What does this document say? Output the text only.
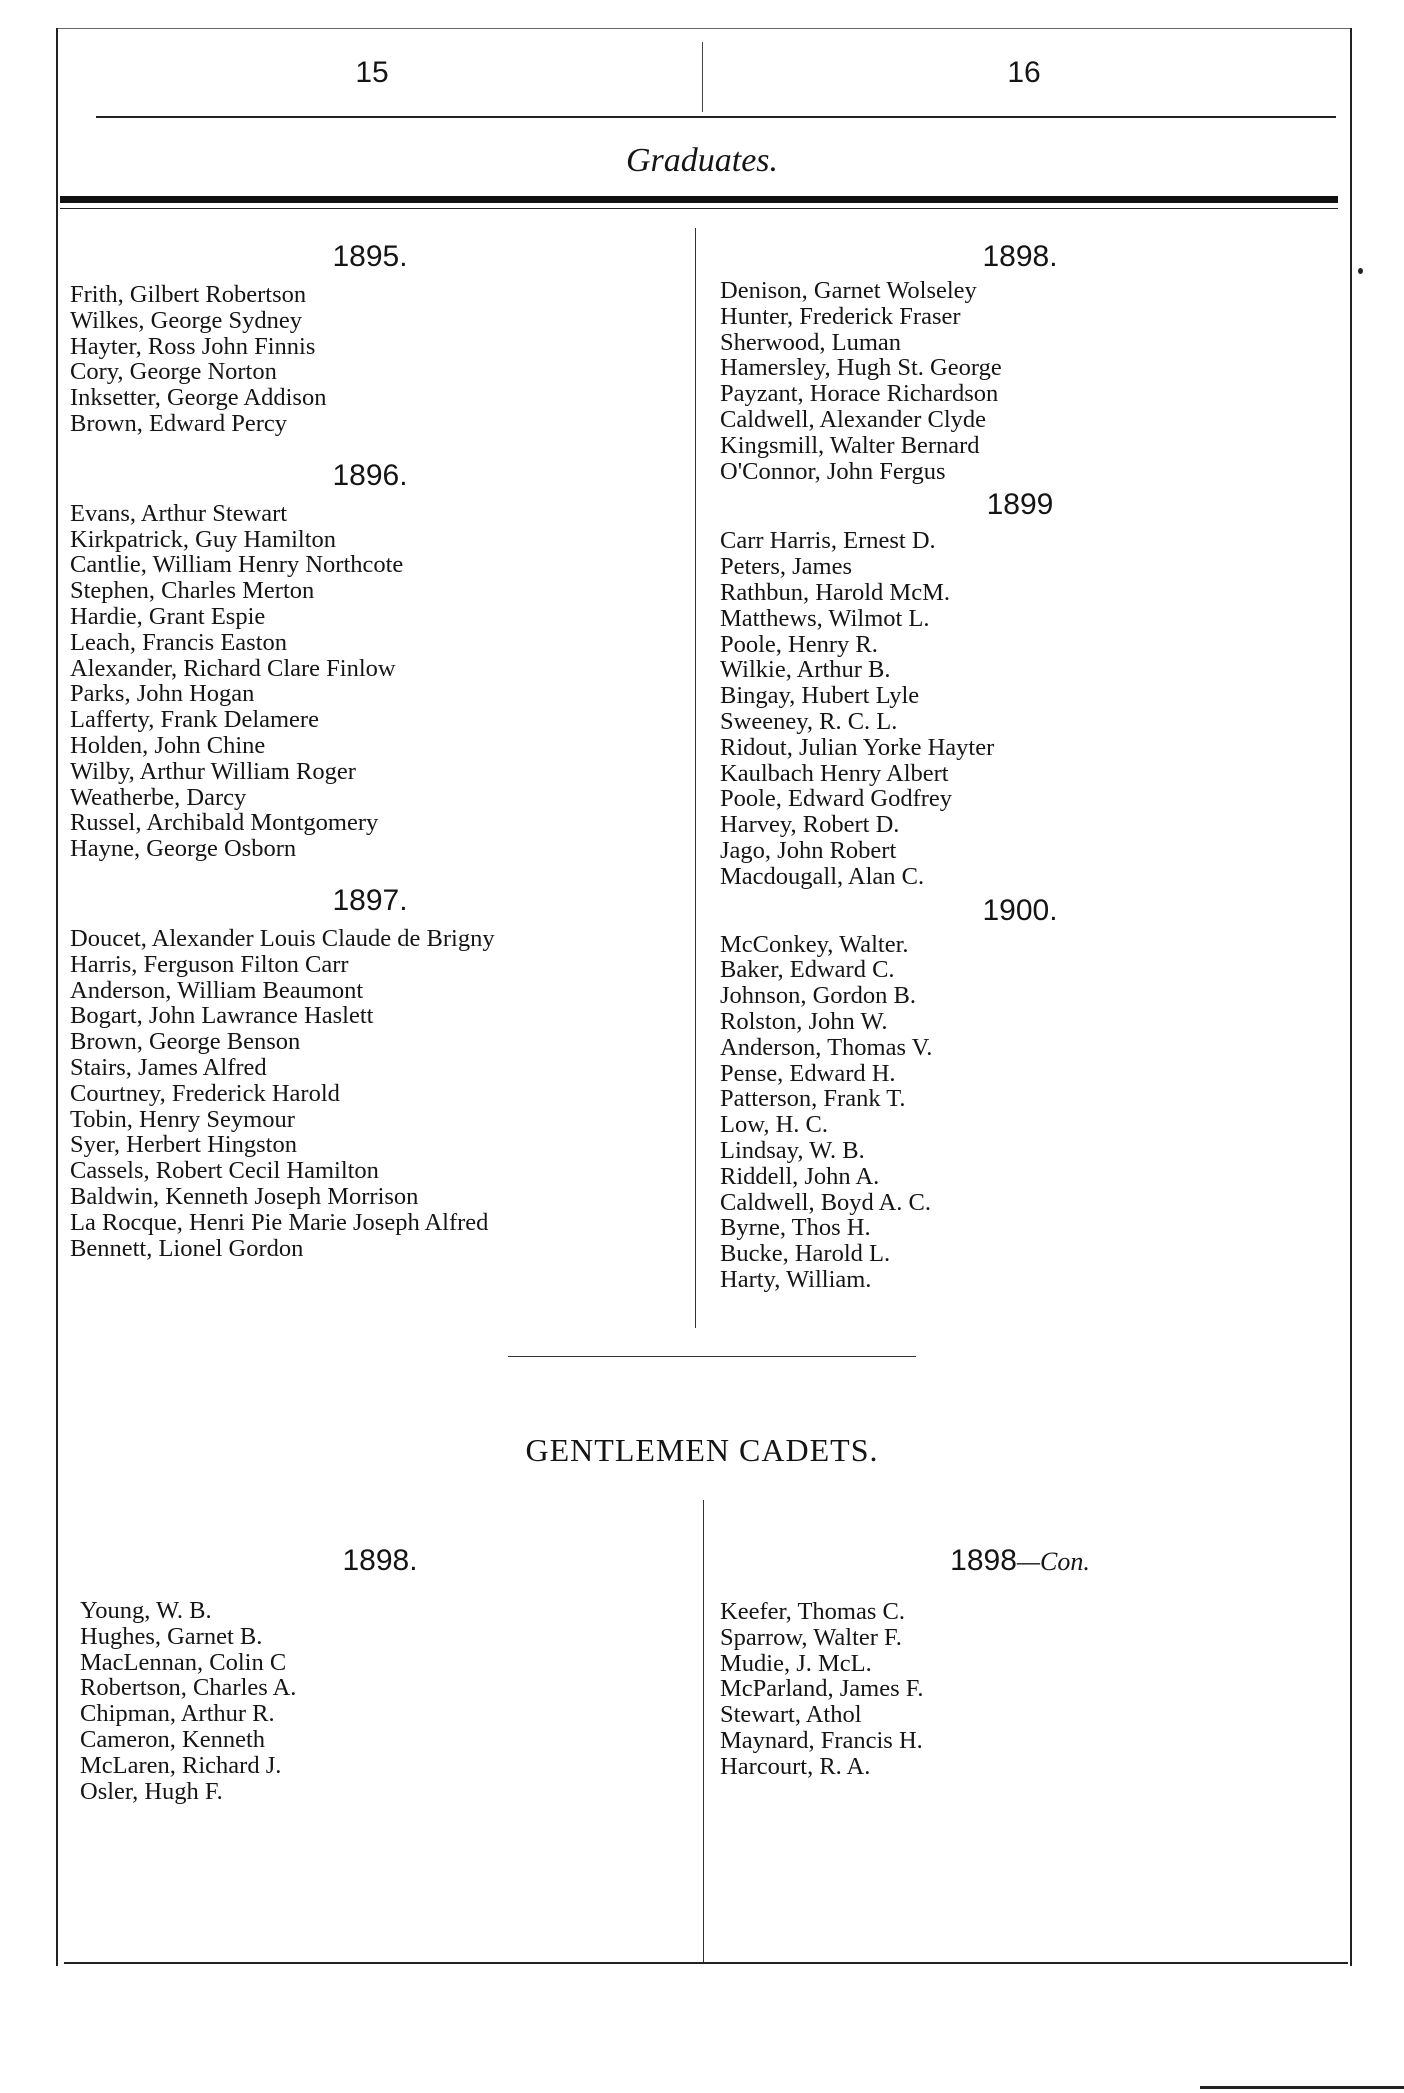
15	16
Graduates.
1895.
Frith, Gilbert Robertson
Wilkes, George Sydney
Hayter, Ross John Finnis
Cory, George Norton
Inksetter, George Addison
Brown, Edward Percy
1896.
Evans, Arthur Stewart
Kirkpatrick, Guy Hamilton
Cantlie, William Henry Northcote
Stephen, Charles Merton
Hardie, Grant Espie
Leach, Francis Easton
Alexander, Richard Clare Finlow
Parks, John Hogan
Lafferty, Frank Delamere
Holden, John Chine
Wilby, Arthur William Roger
Weatherbe, Darcy
Russel, Archibald Montgomery
Hayne, George Osborn
1897.
Doucet, Alexander Louis Claude de Brigny
Harris, Ferguson Filton Carr
Anderson, William Beaumont
Bogart, John Lawrance Haslett
Brown, George Benson
Stairs, James Alfred
Courtney, Frederick Harold
Tobin, Henry Seymour
Syer, Herbert Hingston
Cassels, Robert Cecil Hamilton
Baldwin, Kenneth Joseph Morrison
La Rocque, Henri Pie Marie Joseph Alfred
Bennett, Lionel Gordon
1898.
Denison, Garnet Wolseley
Hunter, Frederick Fraser
Sherwood, Luman
Hamersley, Hugh St. George
Payzant, Horace Richardson
Caldwell, Alexander Clyde
Kingsmill, Walter Bernard
O'Connor, John Fergus
1899
Carr Harris, Ernest D.
Peters, James
Rathbun, Harold McM.
Matthews, Wilmot L.
Poole, Henry R.
Wilkie, Arthur B.
Bingay, Hubert Lyle
Sweeney, R. C. L.
Ridout, Julian Yorke Hayter
Kaulbach Henry Albert
Poole, Edward Godfrey
Harvey, Robert D.
Jago, John Robert
Macdougall, Alan C.
1900.
McConkey, Walter.
Baker, Edward C.
Johnson, Gordon B.
Rolston, John W.
Anderson, Thomas V.
Pense, Edward H.
Patterson, Frank T.
Low, H. C.
Lindsay, W. B.
Riddell, John A.
Caldwell, Boyd A. C.
Byrne, Thos H.
Bucke, Harold L.
Harty, William.
GENTLEMEN CADETS.
1898.
Young, W. B.
Hughes, Garnet B.
MacLennan, Colin C
Robertson, Charles A.
Chipman, Arthur R.
Cameron, Kenneth
McLaren, Richard J.
Osler, Hugh F.
1898—Con.
Keefer, Thomas C.
Sparrow, Walter F.
Mudie, J. McL.
McParland, James F.
Stewart, Athol
Maynard, Francis H.
Harcourt, R. A.
